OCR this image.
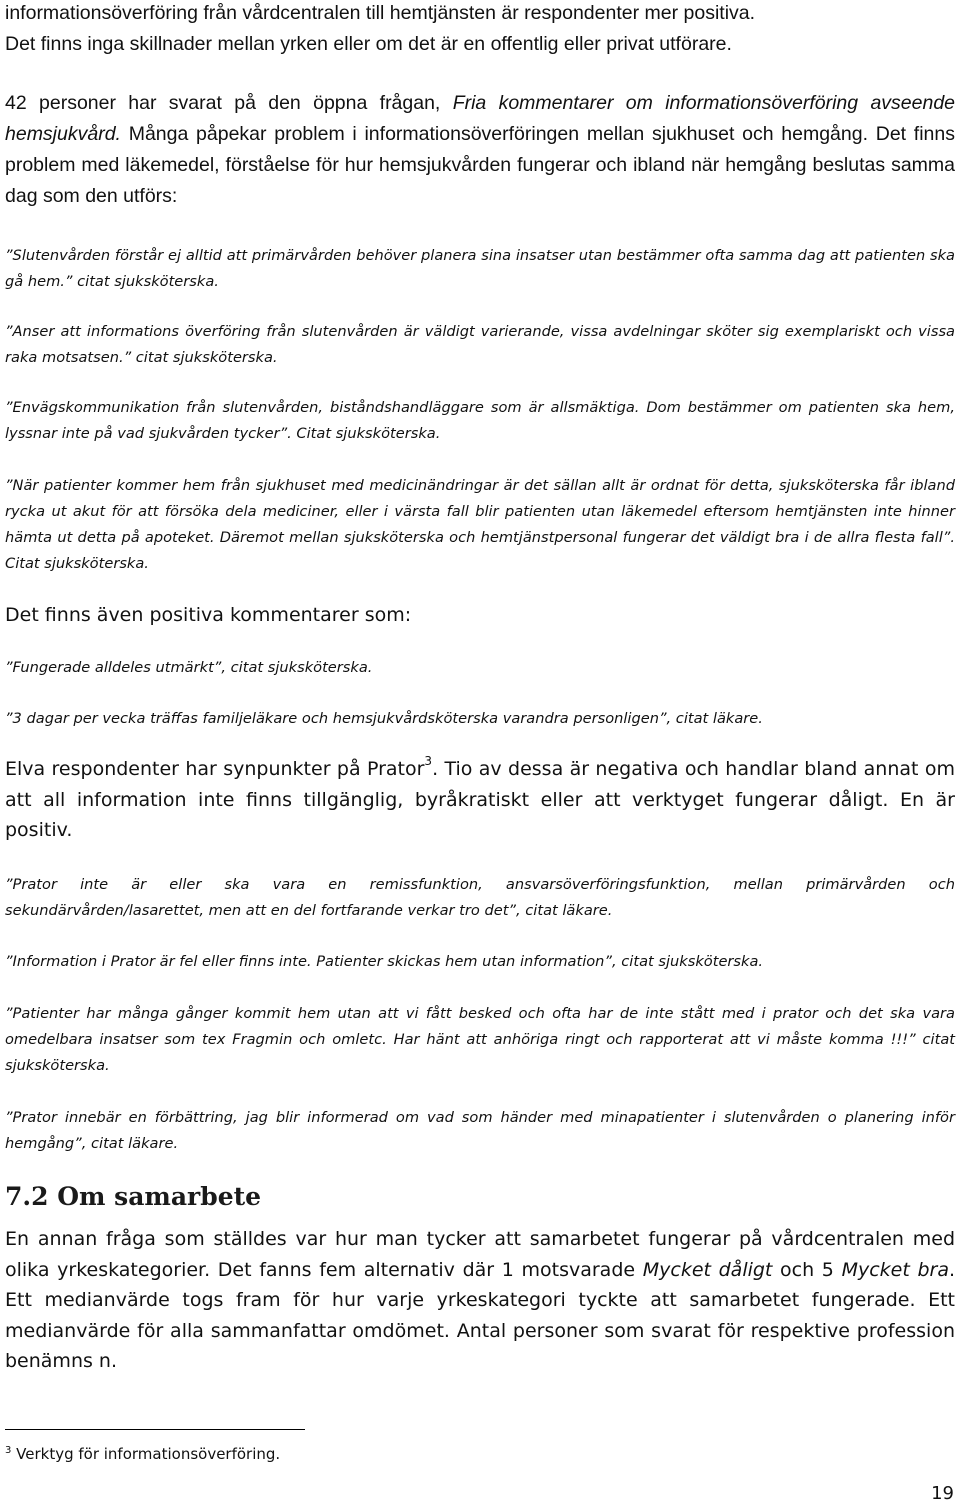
informationsöverföring från vårdcentralen till hemtjänsten är respondenter mer positiva.
Det finns inga skillnader mellan yrken eller om det är en offentlig eller privat utförare.

42 personer har svarat på den öppna frågan, Fria kommentarer om informationsöverföring avseende hemsjukvård. Många påpekar problem i informationsöverföringen mellan sjukhuset och hemgång. Det finns problem med läkemedel, förståelse för hur hemsjukvården fungerar och ibland när hemgång beslutas samma dag som den utförs:

”Slutenvården förstår ej alltid att primärvården behöver planera sina insatser utan bestämmer ofta samma dag att patienten ska gå hem.” citat sjuksköterska.

”Anser att informations överföring från slutenvården är väldigt varierande, vissa avdelningar sköter sig exemplariskt och vissa raka motsatsen.” citat sjuksköterska.

”Envägskommunikation från slutenvården, biståndshandläggare som är allsmäktiga. Dom bestämmer om patienten ska hem, lyssnar inte på vad sjukvården tycker”. Citat sjuksköterska.

”När patienter kommer hem från sjukhuset med medicinändringar är det sällan allt är ordnat för detta, sjuksköterska får ibland rycka ut akut för att försöka dela mediciner, eller i värsta fall blir patienten utan läkemedel eftersom hemtjänsten inte hinner hämta ut detta på apoteket. Däremot mellan sjuksköterska och hemtjänstpersonal fungerar det väldigt bra i de allra flesta fall”. Citat sjuksköterska.

Det finns även positiva kommentarer som:

”Fungerade alldeles utmärkt”, citat sjuksköterska.

”3 dagar per vecka träffas familjeläkare och hemsjukvårdsköterska varandra personligen”, citat läkare.

Elva respondenter har synpunkter på Prator$^3$. Tio av dessa är negativa och handlar bland annat om att all information inte finns tillgänglig, byråkratiskt eller att verktyget fungerar dåligt. En är positiv.

”Prator inte är eller ska vara en remissfunktion, ansvarsöverföringsfunktion, mellan primärvården och sekundärvården/lasarettet, men att en del fortfarande verkar tro det”, citat läkare.

”Information i Prator är fel eller finns inte. Patienter skickas hem utan information”, citat sjuksköterska.

”Patienter har många gånger kommit hem utan att vi fått besked och ofta har de inte stått med i prator och det ska vara omedelbara insatser som tex Fragmin och omletc. Har hänt att anhöriga ringt och rapporterat att vi måste komma !!!” citat sjuksköterska.

”Prator innebär en förbättring, jag blir informerad om vad som händer med minapatienter i slutenvården o planering inför hemgång”, citat läkare.

7.2 Om samarbete

En annan fråga som ställdes var hur man tycker att samarbetet fungerar på vårdcentralen med olika yrkeskategorier. Det fanns fem alternativ där 1 motsvarade Mycket dåligt och 5 Mycket bra. Ett medianvärde togs fram för hur varje yrkeskategori tyckte att samarbetet fungerade. Ett medianvärde för alla sammanfattar omdömet. Antal personer som svarat för respektive profession benämns n.

$^3$ Verktyg för informationsöverföring.
19
